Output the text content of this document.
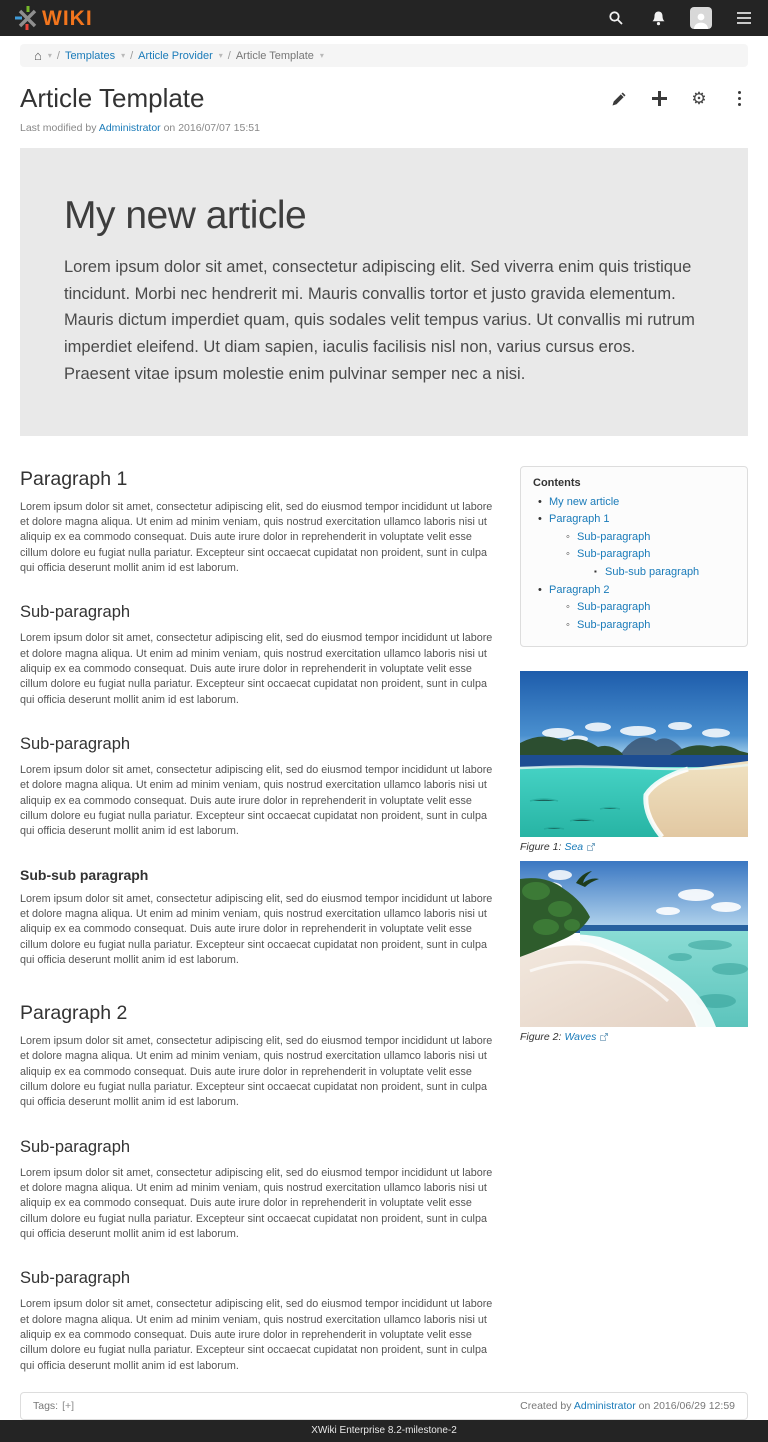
WIKI
⌂ ▾ / Templates ▾ / Article Provider ▾ / Article Template ▾
Article Template	⚙
Last modified by Administrator on 2016/07/07 15:51
My new article

Lorem ipsum dolor sit amet, consectetur adipiscing elit. Sed viverra enim quis tristique tincidunt. Morbi nec hendrerit mi. Mauris convallis tortor et justo gravida elementum. Mauris dictum imperdiet quam, quis sodales velit tempus varius. Ut convallis mi rutrum imperdiet eleifend. Ut diam sapien, iaculis facilisis nisl non, varius cursus eros. Praesent vitae ipsum molestie enim pulvinar semper nec a nisi.

Paragraph 1

Lorem ipsum dolor sit amet, consectetur adipiscing elit, sed do eiusmod tempor incididunt ut labore et dolore magna aliqua. Ut enim ad minim veniam, quis nostrud exercitation ullamco laboris nisi ut aliquip ex ea commodo consequat. Duis aute irure dolor in reprehenderit in voluptate velit esse cillum dolore eu fugiat nulla pariatur. Excepteur sint occaecat cupidatat non proident, sunt in culpa qui officia deserunt mollit anim id est laborum.

Sub-paragraph

Lorem ipsum dolor sit amet, consectetur adipiscing elit, sed do eiusmod tempor incididunt ut labore et dolore magna aliqua. Ut enim ad minim veniam, quis nostrud exercitation ullamco laboris nisi ut aliquip ex ea commodo consequat. Duis aute irure dolor in reprehenderit in voluptate velit esse cillum dolore eu fugiat nulla pariatur. Excepteur sint occaecat cupidatat non proident, sunt in culpa qui officia deserunt mollit anim id est laborum.

Sub-paragraph

Lorem ipsum dolor sit amet, consectetur adipiscing elit, sed do eiusmod tempor incididunt ut labore et dolore magna aliqua. Ut enim ad minim veniam, quis nostrud exercitation ullamco laboris nisi ut aliquip ex ea commodo consequat. Duis aute irure dolor in reprehenderit in voluptate velit esse cillum dolore eu fugiat nulla pariatur. Excepteur sint occaecat cupidatat non proident, sunt in culpa qui officia deserunt mollit anim id est laborum.

Sub-sub paragraph

Lorem ipsum dolor sit amet, consectetur adipiscing elit, sed do eiusmod tempor incididunt ut labore et dolore magna aliqua. Ut enim ad minim veniam, quis nostrud exercitation ullamco laboris nisi ut aliquip ex ea commodo consequat. Duis aute irure dolor in reprehenderit in voluptate velit esse cillum dolore eu fugiat nulla pariatur. Excepteur sint occaecat cupidatat non proident, sunt in culpa qui officia deserunt mollit anim id est laborum.

Paragraph 2

Lorem ipsum dolor sit amet, consectetur adipiscing elit, sed do eiusmod tempor incididunt ut labore et dolore magna aliqua. Ut enim ad minim veniam, quis nostrud exercitation ullamco laboris nisi ut aliquip ex ea commodo consequat. Duis aute irure dolor in reprehenderit in voluptate velit esse cillum dolore eu fugiat nulla pariatur. Excepteur sint occaecat cupidatat non proident, sunt in culpa qui officia deserunt mollit anim id est laborum.

Sub-paragraph

Lorem ipsum dolor sit amet, consectetur adipiscing elit, sed do eiusmod tempor incididunt ut labore et dolore magna aliqua. Ut enim ad minim veniam, quis nostrud exercitation ullamco laboris nisi ut aliquip ex ea commodo consequat. Duis aute irure dolor in reprehenderit in voluptate velit esse cillum dolore eu fugiat nulla pariatur. Excepteur sint occaecat cupidatat non proident, sunt in culpa qui officia deserunt mollit anim id est laborum.

Sub-paragraph

Lorem ipsum dolor sit amet, consectetur adipiscing elit, sed do eiusmod tempor incididunt ut labore et dolore magna aliqua. Ut enim ad minim veniam, quis nostrud exercitation ullamco laboris nisi ut aliquip ex ea commodo consequat. Duis aute irure dolor in reprehenderit in voluptate velit esse cillum dolore eu fugiat nulla pariatur. Excepteur sint occaecat cupidatat non proident, sunt in culpa qui officia deserunt mollit anim id est laborum.

Contents
• My new article
• Paragraph 1
◦ Sub-paragraph
◦ Sub-paragraph
▪ Sub-sub paragraph
• Paragraph 2
◦ Sub-paragraph
◦ Sub-paragraph
Figure 1: Sea
Figure 2: Waves
Tags: [+]	Created by Administrator on 2016/06/29 12:59
XWiki Enterprise 8.2-milestone-2
